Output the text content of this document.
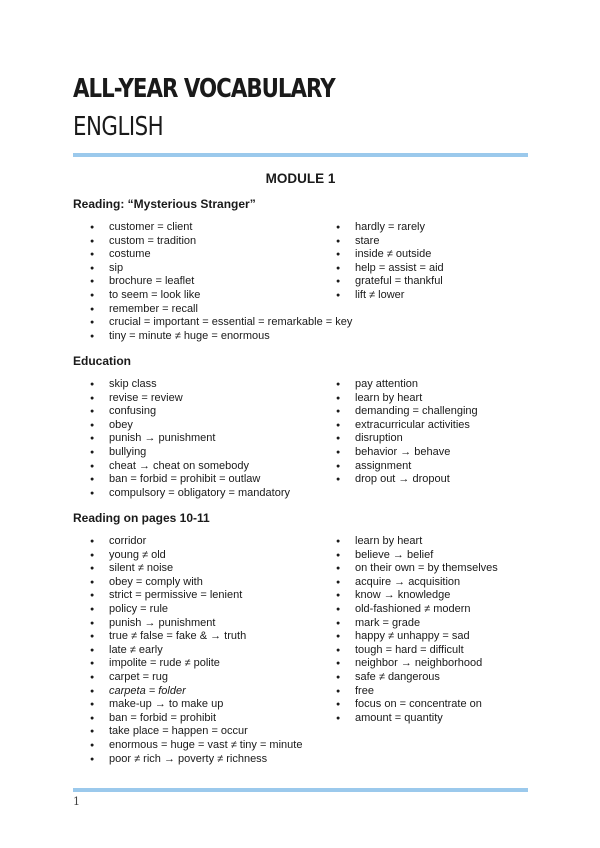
ALL-YEAR VOCABULARY
ENGLISH
MODULE 1
Reading: “Mysterious Stranger”
● customer = client
● custom = tradition
● costume
● sip
● brochure = leaflet
● to seem = look like
● remember = recall
● crucial = important = essential = remarkable = key
● tiny = minute ≠ huge = enormous
● hardly = rarely
● stare
● inside ≠ outside
● help = assist = aid
● grateful = thankful
● lift ≠ lower
Education
● skip class
● revise = review
● confusing
● obey
● punish → punishment
● bullying
● cheat → cheat on somebody
● ban = forbid = prohibit = outlaw
● compulsory = obligatory = mandatory
● pay attention
● learn by heart
● demanding = challenging
● extracurricular activities
● disruption
● behavior → behave
● assignment
● drop out → dropout
Reading on pages 10-11
● corridor
● young ≠ old
● silent ≠ noise
● obey = comply with
● strict = permissive = lenient
● policy = rule
● punish → punishment
● true ≠ false = fake & → truth
● late ≠ early
● impolite = rude ≠ polite
● carpet = rug
● carpeta = folder
● make-up → to make up
● ban = forbid = prohibit
● take place = happen = occur
● enormous = huge = vast ≠ tiny = minute
● poor ≠ rich → poverty ≠ richness
● learn by heart
● believe → belief
● on their own = by themselves
● acquire → acquisition
● know → knowledge
● old-fashioned ≠ modern
● mark = grade
● happy ≠ unhappy = sad
● tough = hard = difficult
● neighbor → neighborhood
● safe ≠ dangerous
● free
● focus on = concentrate on
● amount = quantity

1
